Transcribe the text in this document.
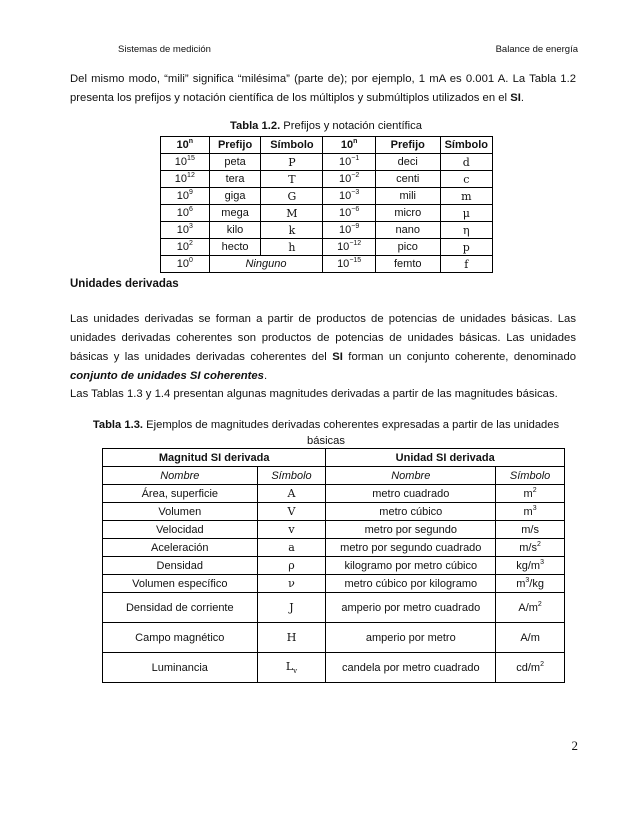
Sistemas de medición	Balance de energía
Del mismo modo, “mili” significa “milésima” (parte de); por ejemplo, 1 mA es 0.001 A. La Tabla 1.2 presenta los prefijos y notación científica de los múltiplos y submúltiplos utilizados en el SI.
Tabla 1.2. Prefijos y notación científica
10$^n$	Prefijo	Símbolo	10$^n$	Prefijo	Símbolo
$10^{15}$	peta	P	$10^{-1}$	deci	d
$10^{12}$	tera	T	$10^{-2}$	centi	c
$10^9$	giga	G	$10^{-3}$	mili	m
$10^6$	mega	M	$10^{-6}$	micro	μ
$10^3$	kilo	k	$10^{-9}$	nano	η
$10^2$	hecto	h	$10^{-12}$	pico	p
$10^0$	Ninguno		$10^{-15}$	femto	f
Unidades derivadas
Las unidades derivadas se forman a partir de productos de potencias de unidades básicas. Las unidades derivadas coherentes son productos de potencias de unidades básicas. Las unidades básicas y las unidades derivadas coherentes del SI forman un conjunto coherente, denominado conjunto de unidades SI coherentes.
Las Tablas 1.3 y 1.4 presentan algunas magnitudes derivadas a partir de las magnitudes básicas.
Tabla 1.3. Ejemplos de magnitudes derivadas coherentes expresadas a partir de las unidades
básicas
Magnitud SI derivada		Unidad SI derivada	
Nombre	Símbolo	Nombre	Símbolo
Área, superficie	A	metro cuadrado	$m^2$
Volumen	V	metro cúbico	$m^3$
Velocidad	v	metro por segundo	m/s
Aceleración	a	metro por segundo cuadrado	$m/s^2$
Densidad	ρ	kilogramo por metro cúbico	$kg/m^3$
Volumen específico	ν	metro cúbico por kilogramo	$m^3/kg$
Densidad de corriente	J	amperio por metro cuadrado	$A/m^2$
Campo magnético	H	amperio por metro	A/m
Luminancia	$L_v$	candela por metro cuadrado	$cd/m^2$
2
